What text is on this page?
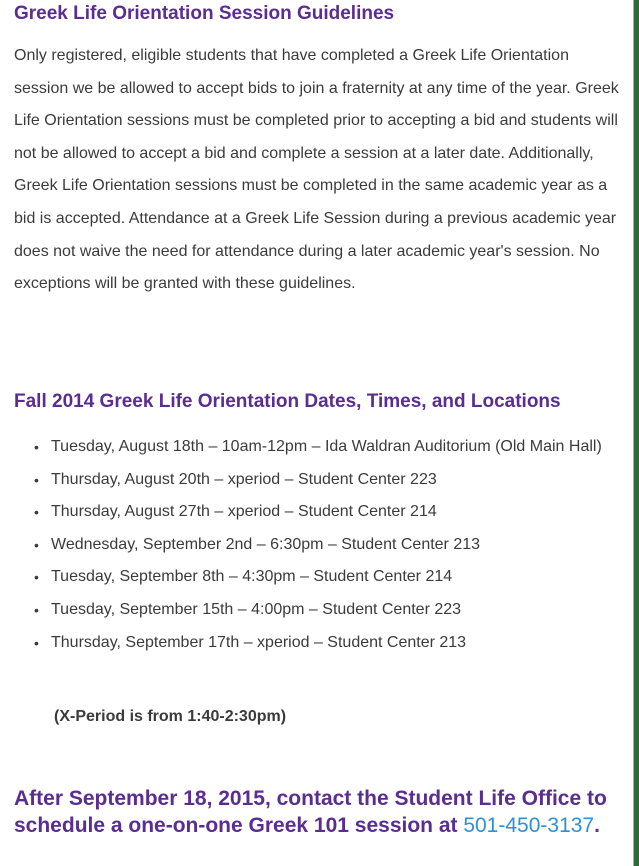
Greek Life Orientation Session Guidelines

Only registered, eligible students that have completed a Greek Life Orientation session we be allowed to accept bids to join a fraternity at any time of the year. Greek Life Orientation sessions must be completed prior to accepting a bid and students will not be allowed to accept a bid and complete a session at a later date. Additionally, Greek Life Orientation sessions must be completed in the same academic year as a bid is accepted. Attendance at a Greek Life Session during a previous academic year does not waive the need for attendance during a later academic year's session. No exceptions will be granted with these guidelines.

Fall 2014 Greek Life Orientation Dates, Times, and Locations
• Tuesday, August 18th – 10am-12pm – Ida Waldran Auditorium (Old Main Hall)
• Thursday, August 20th – xperiod – Student Center 223
• Thursday, August 27th – xperiod – Student Center 214
• Wednesday, September 2nd – 6:30pm – Student Center 213
• Tuesday, September 8th – 4:30pm – Student Center 214
• Tuesday, September 15th – 4:00pm – Student Center 223
• Thursday, September 17th – xperiod – Student Center 213

(X-Period is from 1:40-2:30pm)

After September 18, 2015, contact the Student Life Office to schedule a one-on-one Greek 101 session at 501-450-3137.
